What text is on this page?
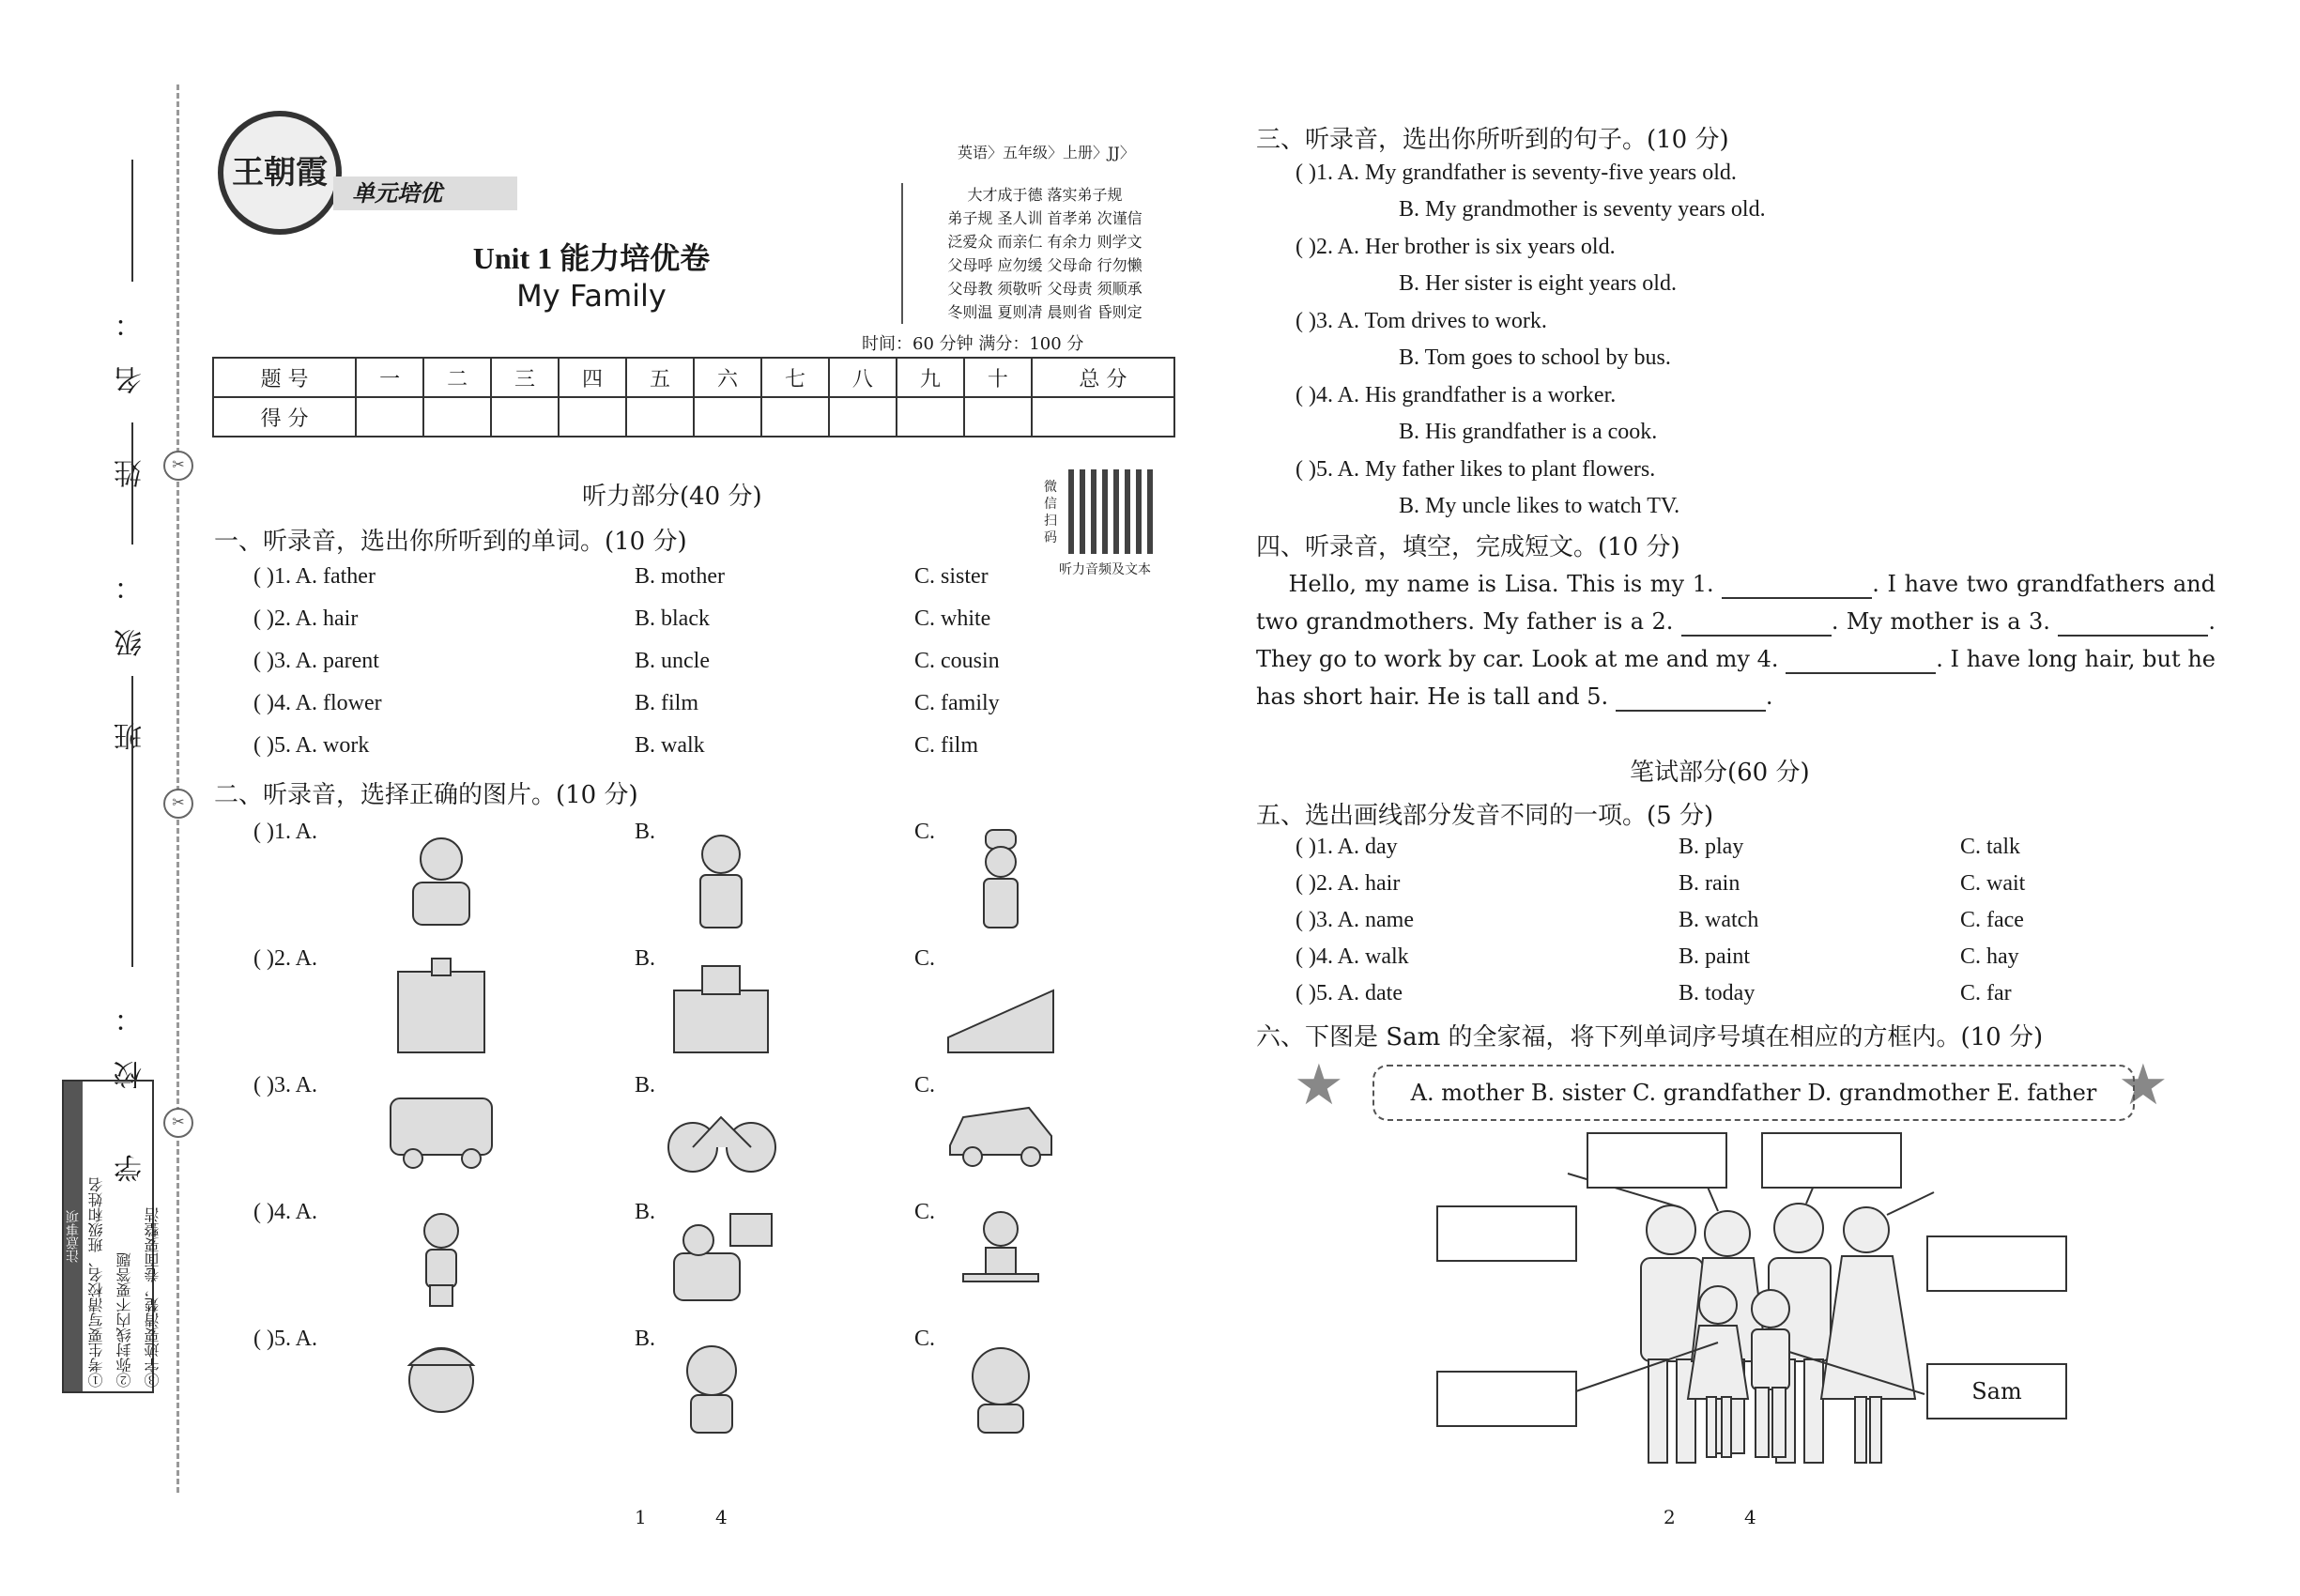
✂
✂
✂
姓 名：
班 级：
学 校：
注意事项 ①考生要写清校名、班级和姓名 ②弥封线内不要答题 ③字迹要清楚，卷面要整洁
王朝霞
单元培优
英语〉五年级〉上册〉JJ〉
大才成于德 落实弟子规
弟子规 圣人训 首孝弟 次谨信
泛爱众 而亲仁 有余力 则学文
父母呼 应勿缓 父母命 行勿懒
父母教 须敬听 父母责 须顺承
冬则温 夏则凊 晨则省 昏则定
Unit 1 能力培优卷
My Family
时间：60 分钟 满分：100 分
题 号	一	二	三	四	五	六	七	八	九	十	总 分
得 分											
听力部分(40 分)	微信扫码
听力音频及文本
一、听录音，选出你所听到的单词。(10 分)
( )1. A. father	B. mother	C. sister
( )2. A. hair	B. black	C. white
( )3. A. parent	B. uncle	C. cousin
( )4. A. flower	B. film	C. family
( )5. A. work	B. walk	C. film
二、听录音，选择正确的图片。(10 分)
( )1. A.	B.	C.
( )2. A.	B.	C.
( )3. A.	B.	C.
( )4. A.	B.	C.
( )5. A.	B.	C.
三、听录音，选出你所听到的句子。(10 分)
( )1. A. My grandfather is seventy-five years old.
B. My grandmother is seventy years old.
( )2. A. Her brother is six years old.
B. Her sister is eight years old.
( )3. A. Tom drives to work.
B. Tom goes to school by bus.
( )4. A. His grandfather is a worker.
B. His grandfather is a cook.
( )5. A. My father likes to plant flowers.
B. My uncle likes to watch TV.
四、听录音，填空，完成短文。(10 分)
Hello, my name is Lisa. This is my 1.	. I have two grandfathers and two grandmothers. My father is a 2.	. My mother is a 3.	. They go to work by car. Look at me and my 4.	. I have long hair, but he has short hair. He is tall and 5.	.
笔试部分(60 分)
五、选出画线部分发音不同的一项。(5 分)
( )1. A. day	B. play	C. talk
( )2. A. hair	B. rain	C. wait
( )3. A. name	B. watch	C. face
( )4. A. walk	B. paint	C. hay
( )5. A. date	B. today	C. far
六、下图是 Sam 的全家福，将下列单词序号填在相应的方框内。(10 分)
★	★
A. mother B. sister C. grandfather D. grandmother E. father
Sam
1	4	2	4
